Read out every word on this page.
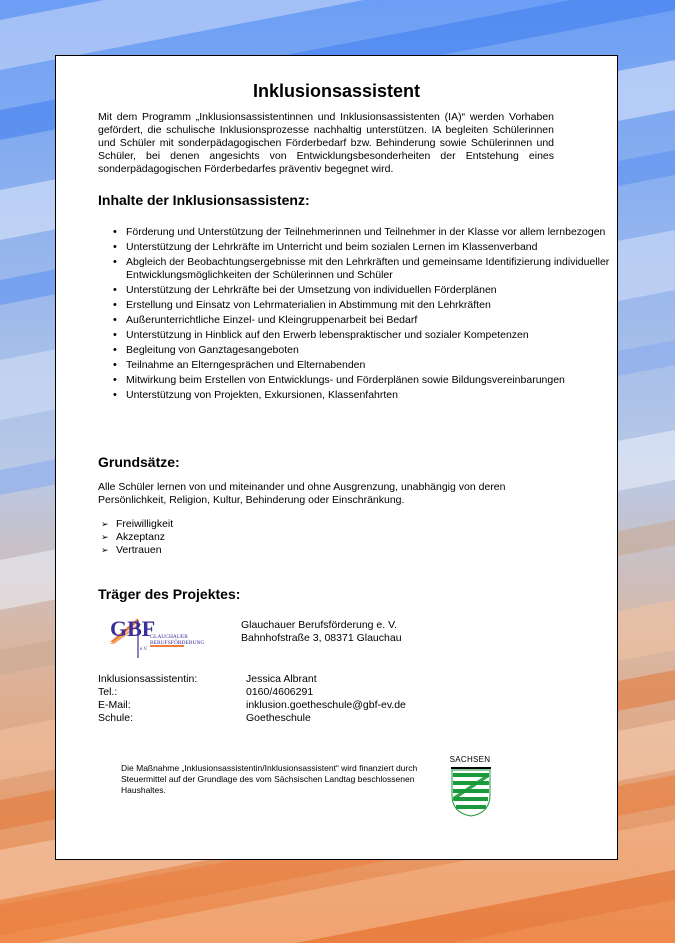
Inklusionsassistent
Mit dem Programm „Inklusionsassistentinnen und Inklusionsassistenten (IA)“ werden Vorhaben gefördert, die schulische Inklusionsprozesse nachhaltig unterstützen. IA begleiten Schülerinnen und Schüler mit sonderpädagogischen Förderbedarf bzw. Behinderung sowie Schülerinnen und Schüler, bei denen angesichts von Entwicklungsbesonderheiten der Entstehung eines sonderpädagogischen Förderbedarfes präventiv begegnet wird.
Inhalte der Inklusionsassistenz:
• Förderung und Unterstützung der Teilnehmerinnen und Teilnehmer in der Klasse vor allem lernbezogen
• Unterstützung der Lehrkräfte im Unterricht und beim sozialen Lernen im Klassenverband
• Abgleich der Beobachtungsergebnisse mit den Lehrkräften und gemeinsame Identifizierung individueller Entwicklungsmöglichkeiten der Schülerinnen und Schüler
• Unterstützung der Lehrkräfte bei der Umsetzung von individuellen Förderplänen
• Erstellung und Einsatz von Lehrmaterialien in Abstimmung mit den Lehrkräften
• Außerunterrichtliche Einzel- und Kleingruppenarbeit bei Bedarf
• Unterstützung in Hinblick auf den Erwerb lebenspraktischer und sozialer Kompetenzen
• Begleitung von Ganztagesangeboten
• Teilnahme an Elterngesprächen und Elternabenden
• Mitwirkung beim Erstellen von Entwicklungs- und Förderplänen sowie Bildungsvereinbarungen
• Unterstützung von Projekten, Exkursionen, Klassenfahrten
Grundsätze:
Alle Schüler lernen von und miteinander und ohne Ausgrenzung, unabhängig von deren Persönlichkeit, Religion, Kultur, Behinderung oder Einschränkung.
➢ Freiwilligkeit
➢ Akzeptanz
➢ Vertrauen
Träger des Projektes:
GBF
GLAUCHAUER
BERUFSFÖRDERUNG
e.V.
Glauchauer Berufsförderung e. V.
Bahnhofstraße 3, 08371 Glauchau
Inklusionsassistentin:	Jessica Albrant
Tel.:	0160/4606291
E-Mail:	inklusion.goetheschule@gbf-ev.de
Schule:	Goetheschule
Die Maßnahme „Inklusionsassistentin/Inklusionsassistent“ wird finanziert durch Steuermittel auf der Grundlage des vom Sächsischen Landtag beschlossenen Haushaltes.
SACHSEN
